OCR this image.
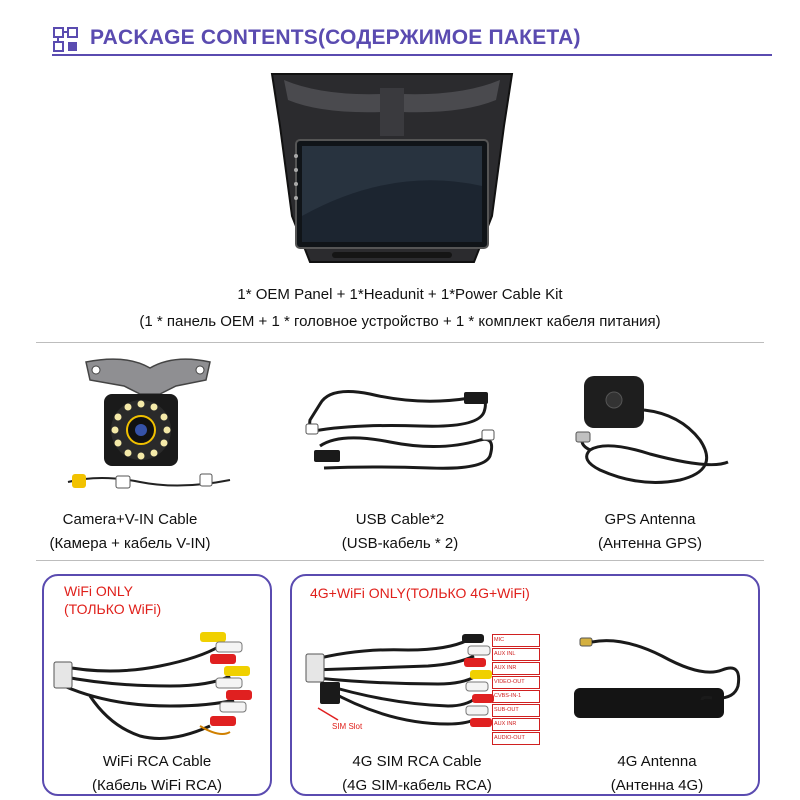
PACKAGE CONTENTS(СОДЕРЖИМОЕ ПАКЕТА)
1* OEM Panel + 1*Headunit + 1*Power Cable Kit
(1 * панель OEM + 1 * головное устройство + 1 * комплект кабеля питания)
Camera+V-IN Cable
(Камера + кабель V-IN)
USB Cable*2
(USB-кабель * 2)
GPS Antenna
(Антенна GPS)
WiFi ONLY
(ТОЛЬКО WiFi)
WiFi RCA Cable
(Кабель WiFi RCA)
4G+WiFi ONLY(ТОЛЬКО 4G+WiFi)
SIM Slot
MIC
AUX INL
AUX INR
VIDEO-OUT
CVBS-IN-1
SUB-OUT
AUX INR
AUDIO-OUT
4G SIM RCA Cable
(4G SIM-кабель RCA)
4G Antenna
(Антенна 4G)
